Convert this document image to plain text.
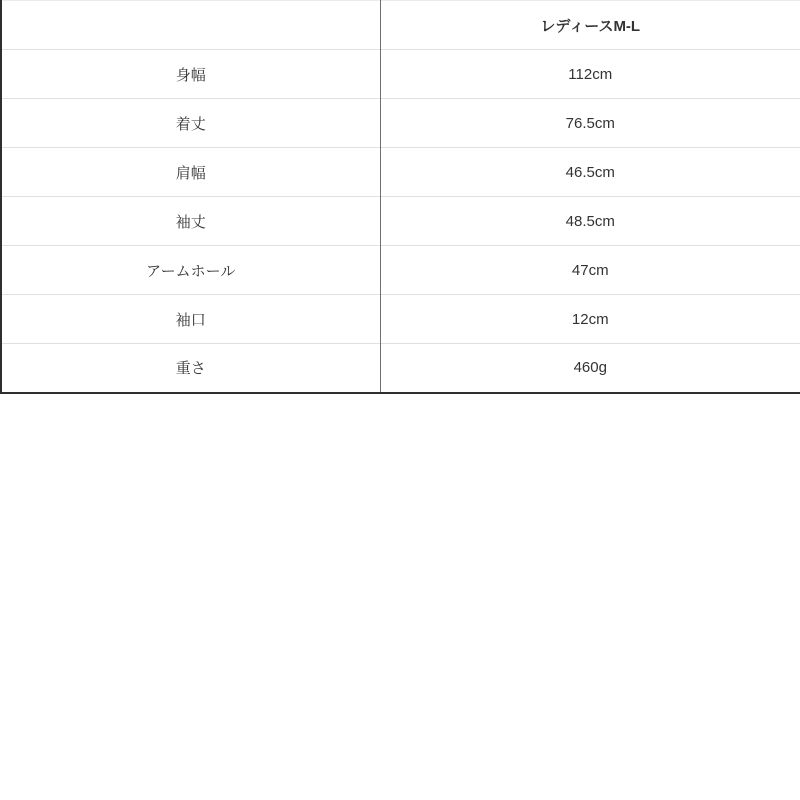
	レディースM-L
身幅	112cm
着丈	76.5cm
肩幅	46.5cm
袖丈	48.5cm
アームホール	47cm
袖口	12cm
重さ	460g
